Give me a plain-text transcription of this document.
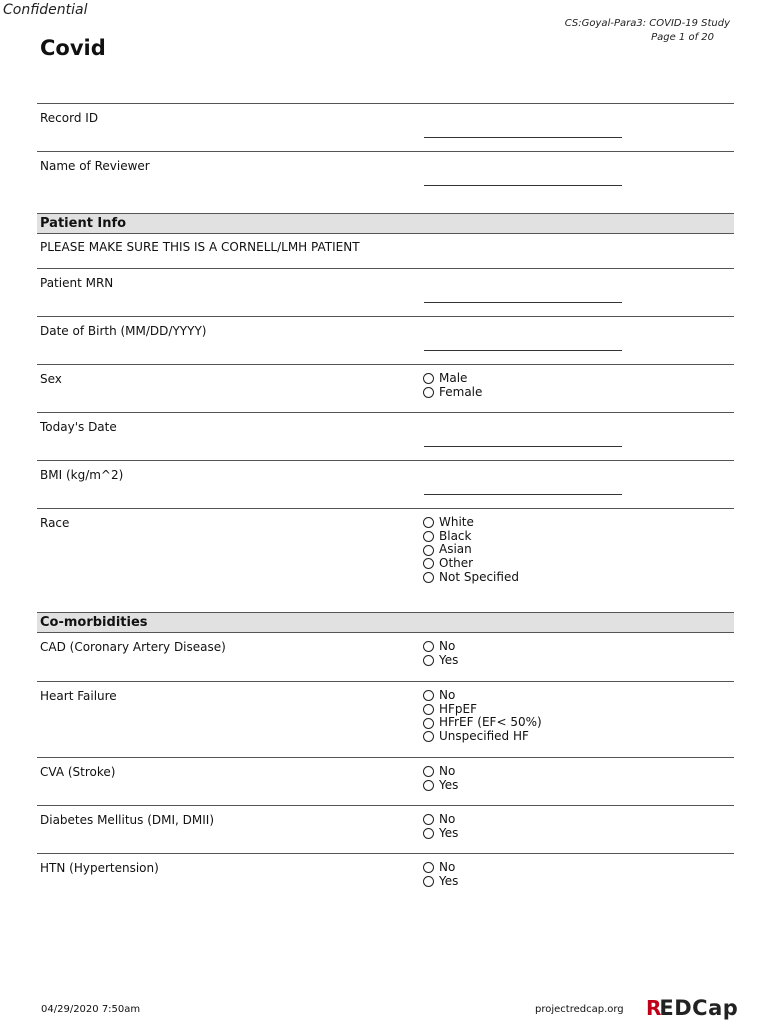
Confidential
CS:Goyal-Para3: COVID-19 Study
Page 1 of 20
Covid
Record ID
Name of Reviewer
Patient Info
PLEASE MAKE SURE THIS IS A CORNELL/LMH PATIENT
Patient MRN
Date of Birth (MM/DD/YYYY)
Sex	Male
Female
Today's Date
BMI (kg/m^2)
Race	White
Black
Asian
Other
Not Specified
Co-morbidities
CAD (Coronary Artery Disease)	No
Yes
Heart Failure	No
HFpEF
HFrEF (EF< 50%)
Unspecified HF
CVA (Stroke)	No
Yes
Diabetes Mellitus (DMI, DMII)	No
Yes
HTN (Hypertension)	No
Yes
04/29/2020 7:50am	projectredcap.org R
EDCap
